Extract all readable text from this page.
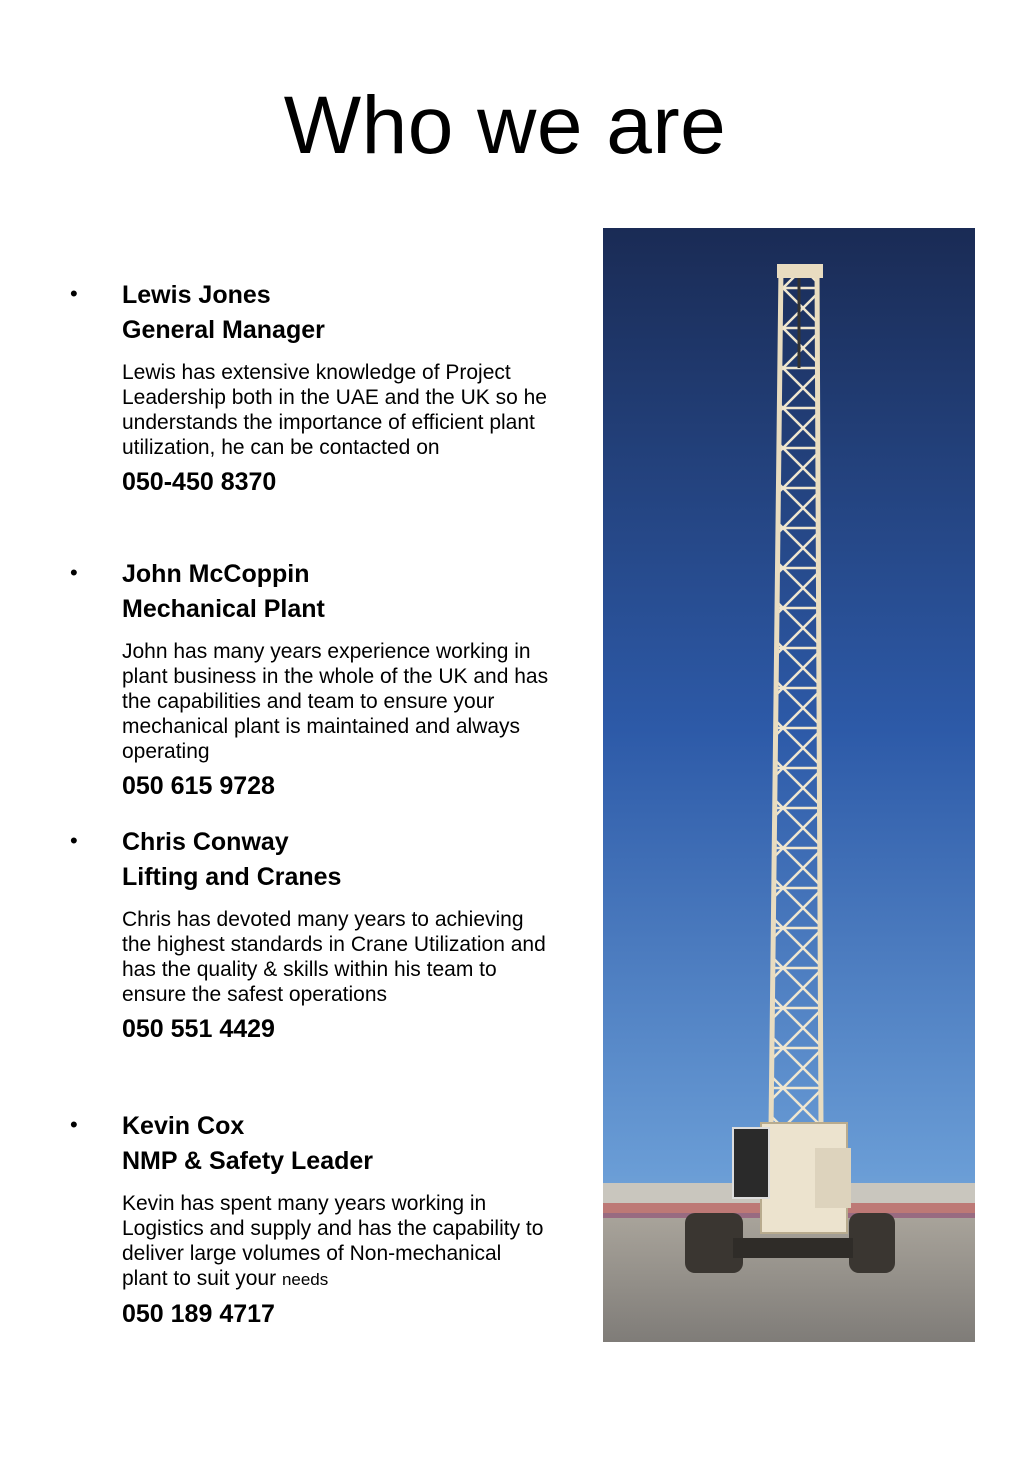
Who we are
• Lewis Jones
General Manager
Lewis has extensive knowledge of Project Leadership both in the UAE and the UK so he understands the importance of efficient plant utilization, he can be contacted on
050-450 8370
• John McCoppin
Mechanical Plant
John has many years experience working in plant business in the whole of the UK and has the capabilities and team to ensure your mechanical plant is maintained and always operating
050 615 9728
• Chris Conway
Lifting and Cranes
Chris has devoted many years to achieving the highest standards in Crane Utilization and has the quality & skills within his team to ensure the safest operations
050 551 4429
• Kevin Cox
NMP & Safety Leader
Kevin has spent many years working in Logistics and supply and has the capability to deliver large volumes of Non-mechanical plant to suit your needs
050 189 4717
